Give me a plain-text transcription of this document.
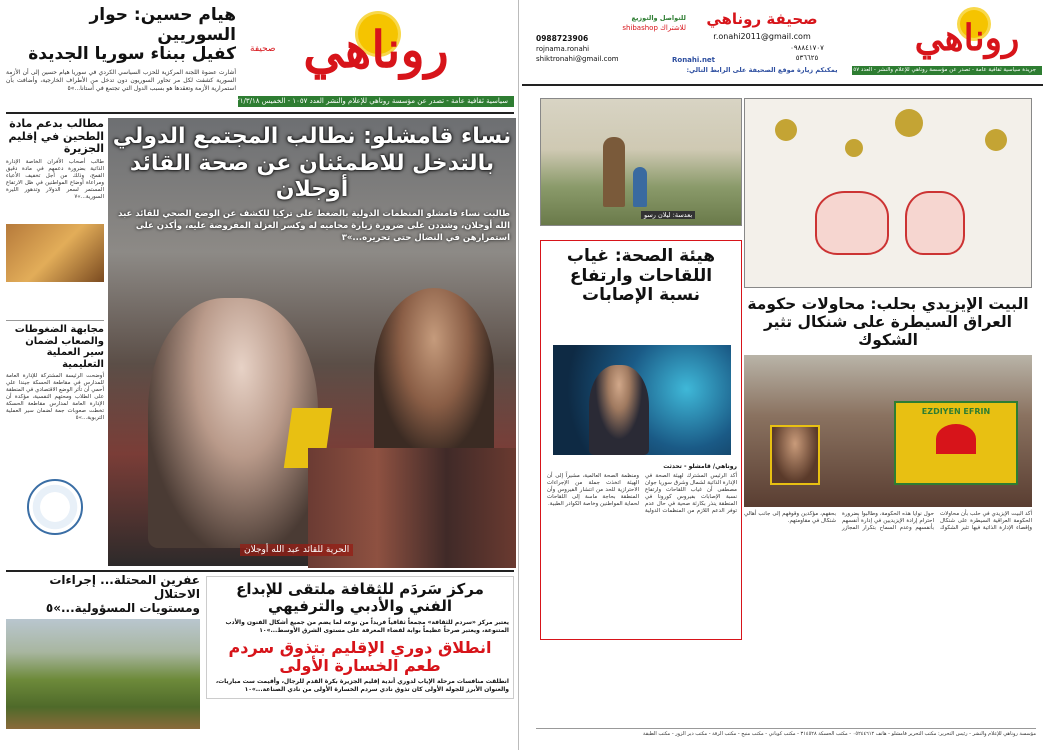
هيام حسين: حوار السوريين
كفيل ببناء سوريا الجديدة
أشارت عضوة اللجنة المركزية للحزب السياسي الكردي في سوريا هيام حسين إلى أن الأزمة السورية كشفت لكل مر تحاور السوريون دون تدخل من الأطراف الخارجية، وأضافت بأن استمرارية الأزمة وتعقدها هو بسبب الدول التي تجتمع في أستانا...»٥
روناهي
صحيفة
سياسية ثقافية عامة - تصدر عن مؤسسة روناهي للإعلام والنشر العدد ١٠٥٧ - الخميس ٢٠٢١/٣/١٨م ٥٠ ل.س
نساء قامشلو: نطالب المجتمع الدولي
بالتدخل للاطمئنان عن صحة القائد أوجلان
طالبت نساء قامشلو المنظمات الدولية بالضغط على تركيا للكشف عن الوضع الصحي للقائد عبد الله أوجلان، وشددن على ضرورة زيارة محاميه له وكسر العزلة المفروضة عليه، وأكدن على استمرارهن في النضال حتى تحريره...»٣
الحرية للقائد عبد الله أوجلان
مطالب بدعم مادة الطحين في إقليم الجزيرة
طالب أصحاب الأفران الخاصة الإدارة الذاتية بضرورة دعمهم في مادة دقيق القمح، وذلك من أجل تخفيف الأعباء ومراعاة أوضاع المواطنين في ظل الارتفاع المستمر لسعر الدولار وتدهور الليرة السورية...»٧
مجابهة الضغوطات والصعاب لضمان سير العملية التعليمية
أوضحت الرئيسة المشتركة للإدارة العامة للمدارس في مقاطعة الحسكة جيندا علي أحمي أن تأثر الوضع الاقتصادي في المنطقة على الطلاب ومحتهم النفسية، مؤكدة أن الإدارة العامة لمدارس مقاطعة الحسكة تخطت صعوبات جمة لضمان سير العملية التربوية...»٥
عفرين المحتلة... إجراءات الاحتلال
ومستويات المسؤولية...»٥
مركز سَردَم للثقافة ملتقى للإبداع
الفني والأدبي والترفيهي
يعتبر مركز «سردم للثقافة» مجمعاً ثقافياً فريداً من نوعه لما يضم من جميع أشكال الفنون والأدب المتنوعة، ويعتبر صرحاً عظيماً بوابة لفضاء المعرفة على مستوى الشرق الأوسط...»١٠
انطلاق دوري الإقليم بتذوق سردم
طعم الخسارة الأولى
انطلقت منافسات مرحلة الإياب لدوري أندية إقليم الجزيرة بكرة القدم للرجال، وأقيمت ست مباريات، والعنوان الأبرز للجولة الأولى كان تذوق نادي سردم الخسارة الأولى من نادي الصناعة...»١٠
للتواصل والتوزيع
للاشتراك shibashop
0988723906
rojnama.ronahi
shiktronahi@gmail.com
صحيفة روناهي
r.onahi2011@gmail.com
٠٩٨٨٤١٧٠٧
٥٣٦٦٢٥
يمكنكم زيارة موقع الصحيفة على الرابط التالي:
Ronahi.net
روناهي
جريدة سياسية ثقافية عامة - تصدر عن مؤسسة روناهي للإعلام والنشر - العدد ١٠٥٧
بعدسة: ليلان رسو
هيئة الصحة: غياب
اللقاحات وارتفاع
نسبة الإصابات
روناهي/ قامشلو - تحدثت
أكد الرئيس المشترك لهيئة الصحة في الإدارة الذاتية لشمال وشرق سوريا جوان مصطفى أن غياب اللقاحات وارتفاع نسبة الإصابات بفيروس كورونا في المنطقة ينذر بكارثة صحية في حال عدم توفر الدعم اللازم من المنظمات الدولية ومنظمة الصحة العالمية، مشيراً إلى أن الهيئة اتخذت جملة من الإجراءات الاحترازية للحد من انتشار الفيروس وأن المنطقة بحاجة ماسة إلى اللقاحات لحماية المواطنين وخاصة الكوادر الطبية.
البيت الإيزيدي بحلب: محاولات حكومة
العراق السيطرة على شنكال تثير الشكوك
EZDIYEN EFRIN
أكد البيت الإيزيدي في حلب بأن محاولات الحكومة العراقية السيطرة على شنكال وإقصاء الإدارة الذاتية فيها تثير الشكوك حول نوايا هذه الحكومة، وطالبوا بضرورة احترام إرادة الإيزيديين في إدارة أنفسهم بأنفسهم وعدم السماح بتكرار المجازر بحقهم، مؤكدين وقوفهم إلى جانب أهالي شنكال في مقاومتهم.
مؤسسة روناهي للإعلام والنشر - رئيس التحرير: مكتب التحرير قامشلو - هاتف ٠٥٢٤٤٦١٢ - مكتب الحسكة ٣١٤٥٢٨ - مكتب كوباني - مكتب منبج - مكتب الرقة - مكتب دير الزور - مكتب الطبقة
